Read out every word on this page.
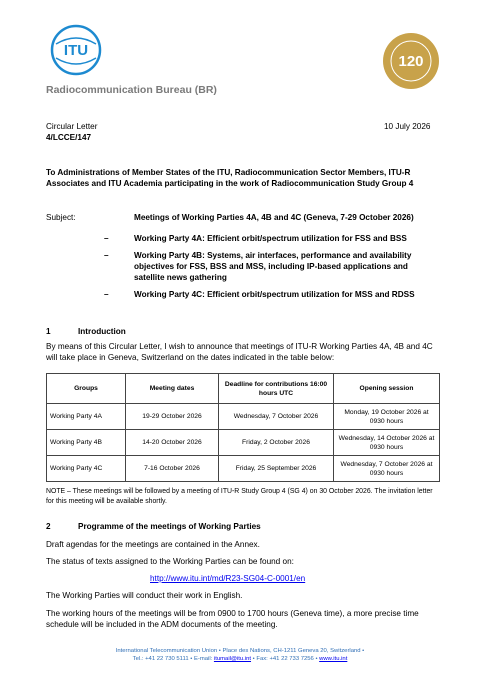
ITU
120
Radiocommunication Bureau (BR)
Circular Letter
4/LCCE/147
10 July 2026
To Administrations of Member States of the ITU, Radiocommunication Sector Members, ITU-R Associates and ITU Academia participating in the work of Radiocommunication Study Group 4
Subject:	Meetings of Working Parties 4A, 4B and 4C (Geneva, 7-29 October 2026)
–	Working Party 4A: Efficient orbit/spectrum utilization for FSS and BSS
–	Working Party 4B: Systems, air interfaces, performance and availability objectives for FSS, BSS and MSS, including IP-based applications and satellite news gathering
–	Working Party 4C: Efficient orbit/spectrum utilization for MSS and RDSS
1	Introduction
By means of this Circular Letter, I wish to announce that meetings of ITU-R Working Parties 4A, 4B and 4C will take place in Geneva, Switzerland on the dates indicated in the table below:
Groups	Meeting dates	Deadline for contributions 16:00 hours UTC	Opening session
Working Party 4A	19-29 October 2026	Wednesday, 7 October 2026	Monday, 19 October 2026 at 0930 hours
Working Party 4B	14-20 October 2026	Friday, 2 October 2026	Wednesday, 14 October 2026 at 0930 hours
Working Party 4C	7-16 October 2026	Friday, 25 September 2026	Wednesday, 7 October 2026 at 0930 hours
NOTE – These meetings will be followed by a meeting of ITU-R Study Group 4 (SG 4) on 30 October 2026. The invitation letter for this meeting will be available shortly.
2	Programme of the meetings of Working Parties
Draft agendas for the meetings are contained in the Annex.
The status of texts assigned to the Working Parties can be found on:
http://www.itu.int/md/R23-SG04-C-0001/en
The Working Parties will conduct their work in English.
The working hours of the meetings will be from 0900 to 1700 hours (Geneva time), a more precise time schedule will be included in the ADM documents of the meeting.
International Telecommunication Union • Place des Nations, CH-1211 Geneva 20, Switzerland •
Tel.: +41 22 730 5111 • E-mail: itumail@itu.int • Fax: +41 22 733 7256 • www.itu.int
